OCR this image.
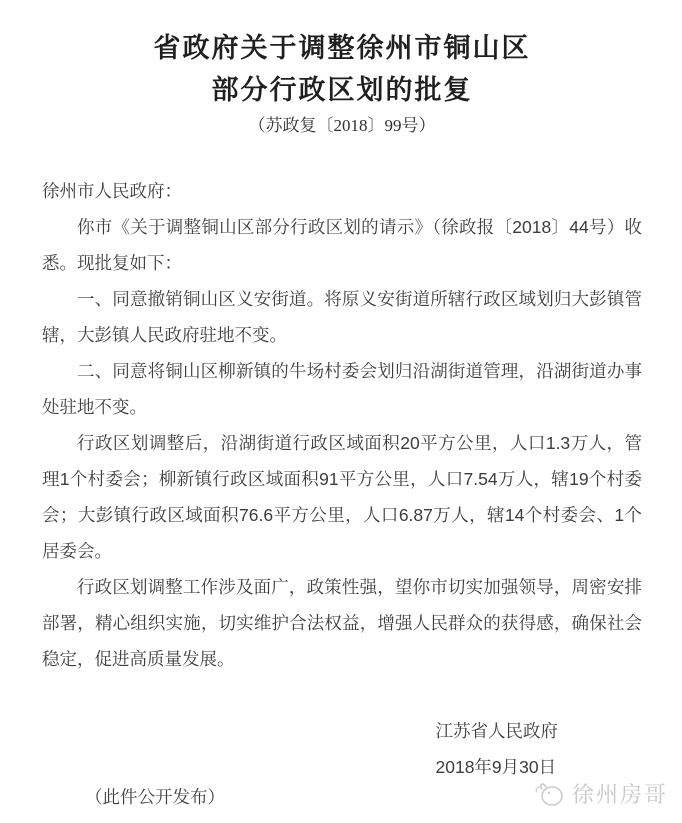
省政府关于调整徐州市铜山区
部分行政区划的批复
（苏政复〔2018〕99号）

徐州市人民政府：

你市《关于调整铜山区部分行政区划的请示》（徐政报〔2018〕44号）收悉。现批复如下：

一、同意撤销铜山区义安街道。将原义安街道所辖行政区域划归大彭镇管辖，大彭镇人民政府驻地不变。

二、同意将铜山区柳新镇的牛场村委会划归沿湖街道管理，沿湖街道办事处驻地不变。

行政区划调整后，沿湖街道行政区域面积20平方公里，人口1.3万人，管理1个村委会；柳新镇行政区域面积91平方公里，人口7.54万人，辖19个村委会；大彭镇行政区域面积76.6平方公里，人口6.87万人，辖14个村委会、1个居委会。

行政区划调整工作涉及面广，政策性强，望你市切实加强领导，周密安排部署，精心组织实施，切实维护合法权益，增强人民群众的获得感，确保社会稳定，促进高质量发展。

江苏省人民政府
2018年9月30日
（此件公开发布）	徐州房哥
